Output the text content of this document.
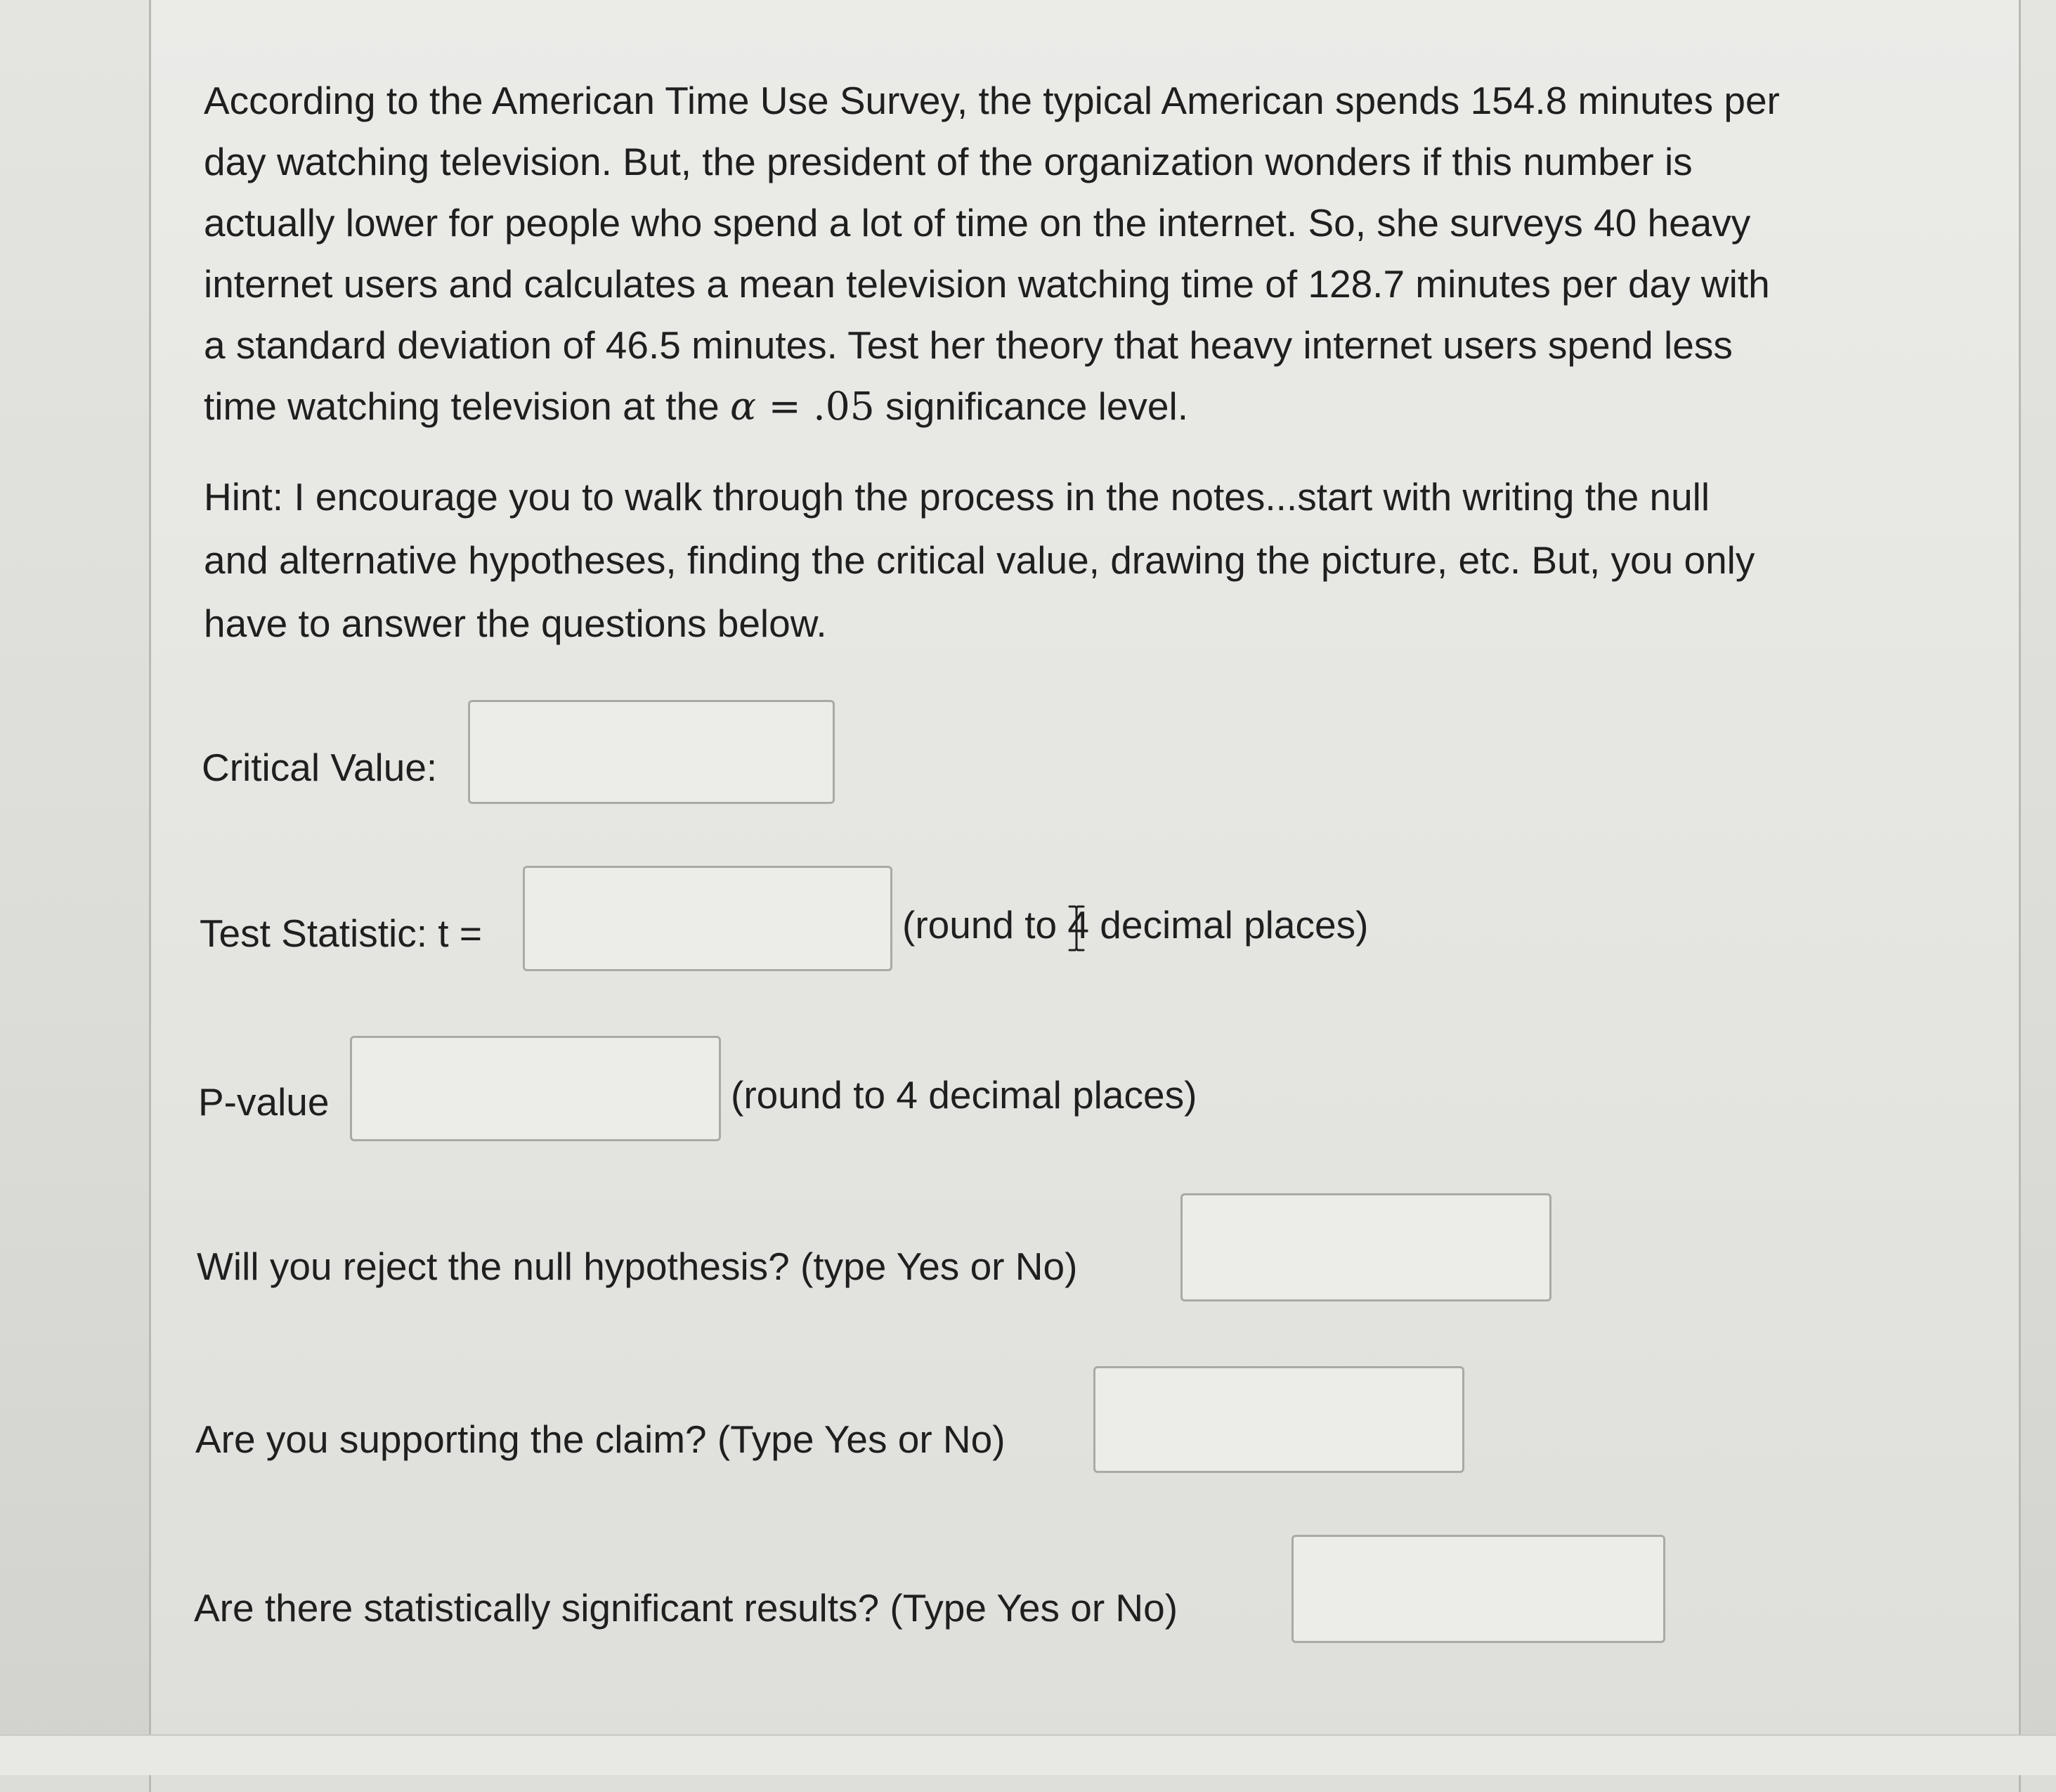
According to the American Time Use Survey, the typical American spends 154.8 minutes per
day watching television. But, the president of the organization wonders if this number is
actually lower for people who spend a lot of time on the internet. So, she surveys 40 heavy
internet users and calculates a mean television watching time of 128.7 minutes per day with
a standard deviation of 46.5 minutes. Test her theory that heavy internet users spend less
time watching television at the α = .05 significance level.

Hint: I encourage you to walk through the process in the notes...start with writing the null
and alternative hypotheses, finding the critical value, drawing the picture, etc. But, you only
have to answer the questions below.

Critical Value:
Test Statistic: t =	(round to 4 decimal places)
P-value	(round to 4 decimal places)
Will you reject the null hypothesis? (type Yes or No)
Are you supporting the claim? (Type Yes or No)
Are there statistically significant results? (Type Yes or No)
